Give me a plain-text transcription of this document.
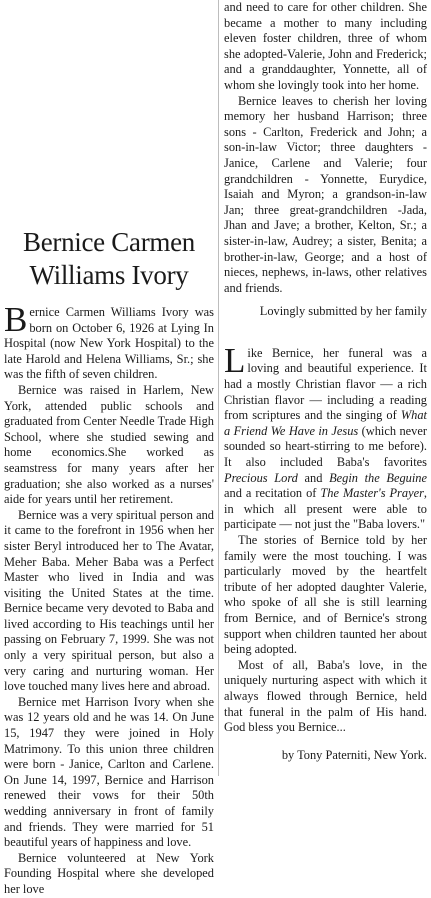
Bernice Carmen
Williams Ivory

Bernice Carmen Williams Ivory was born on October 6, 1926 at Lying In Hospital (now New York Hospital) to the late Harold and Helena Williams, Sr.; she was the fifth of seven children.

Bernice was raised in Harlem, New York, attended public schools and graduated from Center Needle Trade High School, where she studied sewing and home economics.She worked as seamstress for many years after her graduation; she also worked as a nurses' aide for years until her retirement.

Bernice was a very spiritual person and it came to the forefront in 1956 when her sister Beryl introduced her to The Avatar, Meher Baba. Meher Baba was a Perfect Master who lived in India and was visiting the United States at the time. Bernice became very devoted to Baba and lived according to His teachings until her passing on February 7, 1999. She was not only a very spiritual person, but also a very caring and nurturing woman. Her love touched many lives here and abroad.

Bernice met Harrison Ivory when she was 12 years old and he was 14. On June 15, 1947 they were joined in Holy Matrimony. To this union three children were born - Janice, Carlton and Carlene. On June 14, 1997, Bernice and Harrison renewed their vows for their 50th wedding anniversary in front of family and friends. They were married for 51 beautiful years of happiness and love.

Bernice volunteered at New York Founding Hospital where she developed her love

and need to care for other children. She became a mother to many including eleven foster children, three of whom she adopted-Valerie, John and Frederick; and a granddaughter, Yonnette, all of whom she lovingly took into her home.

Bernice leaves to cherish her loving memory her husband Harrison; three sons - Carlton, Frederick and John; a son-in-law Victor; three daughters - Janice, Carlene and Valerie; four grandchildren - Yonnette, Eurydice, Isaiah and Myron; a grandson-in-law Jan; three great-grandchildren -Jada, Jhan and Jave; a brother, Kelton, Sr.; a sister-in-law, Audrey; a sister, Benita; a brother-in-law, George; and a host of nieces, nephews, in-laws, other relatives and friends.

Lovingly submitted by her family

Like Bernice, her funeral was a loving and beautiful experience. It had a mostly Christian flavor — a rich Christian flavor — including a reading from scriptures and the singing of What a Friend We Have in Jesus (which never sounded so heart-stirring to me before). It also included Baba's favorites Precious Lord and Begin the Beguine and a recitation of The Master's Prayer, in which all present were able to participate — not just the "Baba lovers."

The stories of Bernice told by her family were the most touching. I was particularly moved by the heartfelt tribute of her adopted daughter Valerie, who spoke of all she is still learning from Bernice, and of Bernice's strong support when children taunted her about being adopted.

Most of all, Baba's love, in the uniquely nurturing aspect with which it always flowed through Bernice, held that funeral in the palm of His hand. God bless you Bernice...

by Tony Paterniti, New York.
